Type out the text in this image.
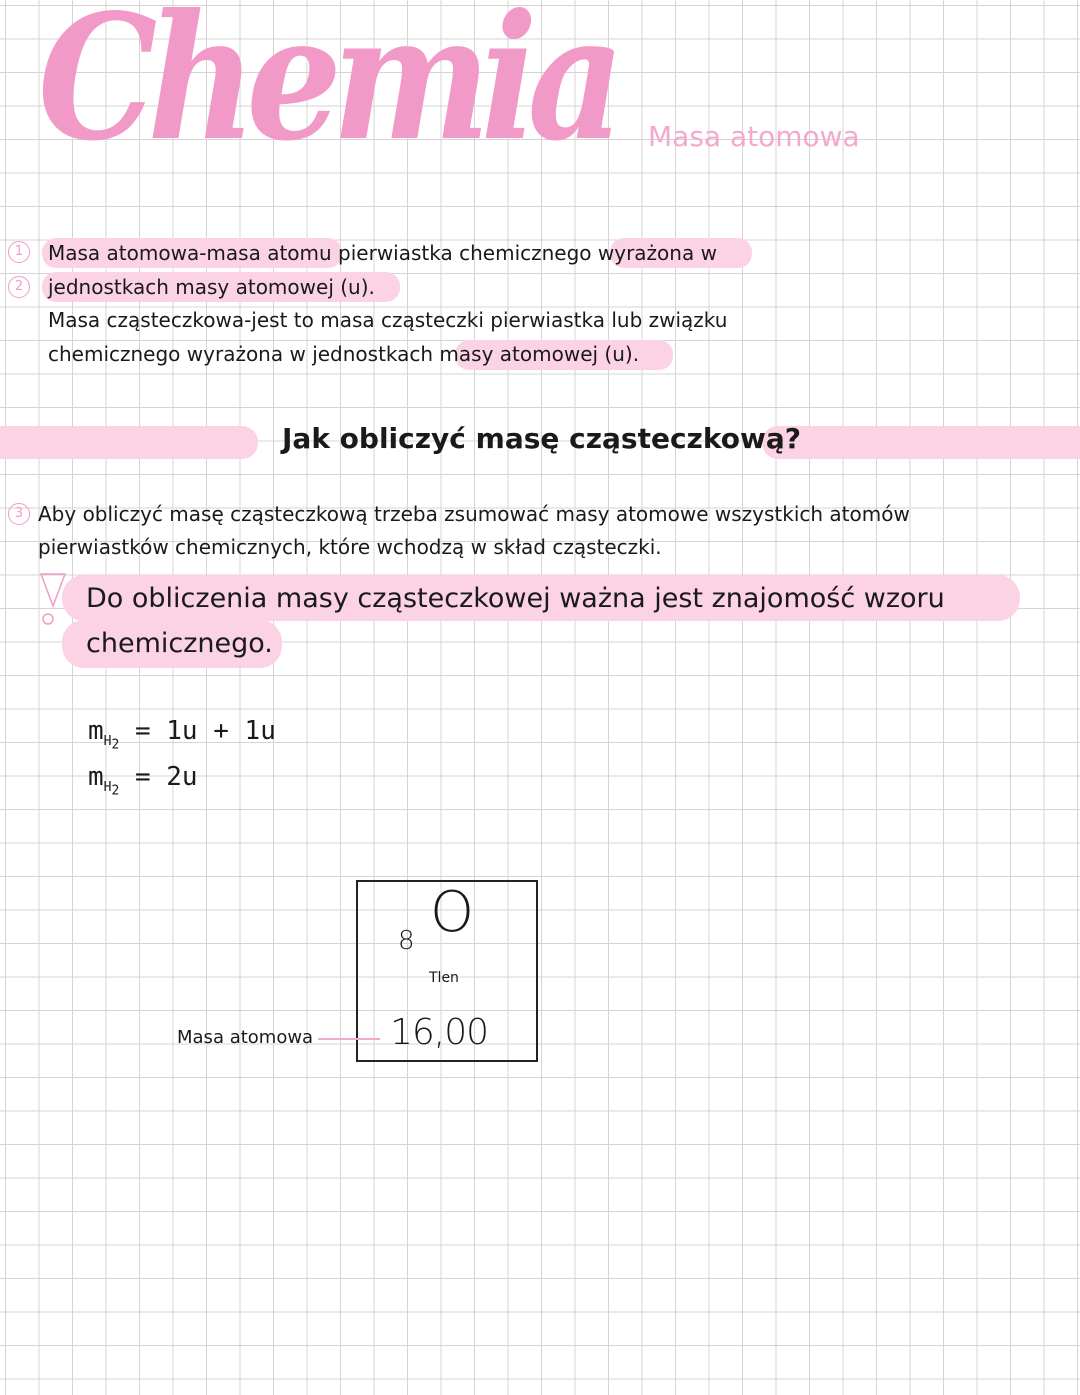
Chemia Masa atomowa
1
2
Masa atomowa-masa atomu pierwiastka chemicznego wyrażona w
jednostkach masy atomowej (u).
Masa cząsteczkowa-jest to masa cząsteczki pierwiastka lub związku
chemicznego wyrażona w jednostkach masy atomowej (u).
Jak obliczyć masę cząsteczkową?
3 Aby obliczyć masę cząsteczkową trzeba zsumować masy atomowe wszystkich atomów
pierwiastków chemicznych, które wchodzą w skład cząsteczki.
Do obliczenia masy cząsteczkowej ważna jest znajomość wzoru
chemicznego.
$m_{H_2} = 1u + 1u$
$m_{H_2} = 2u$
8 O
Tlen
16,00
Masa atomowa
